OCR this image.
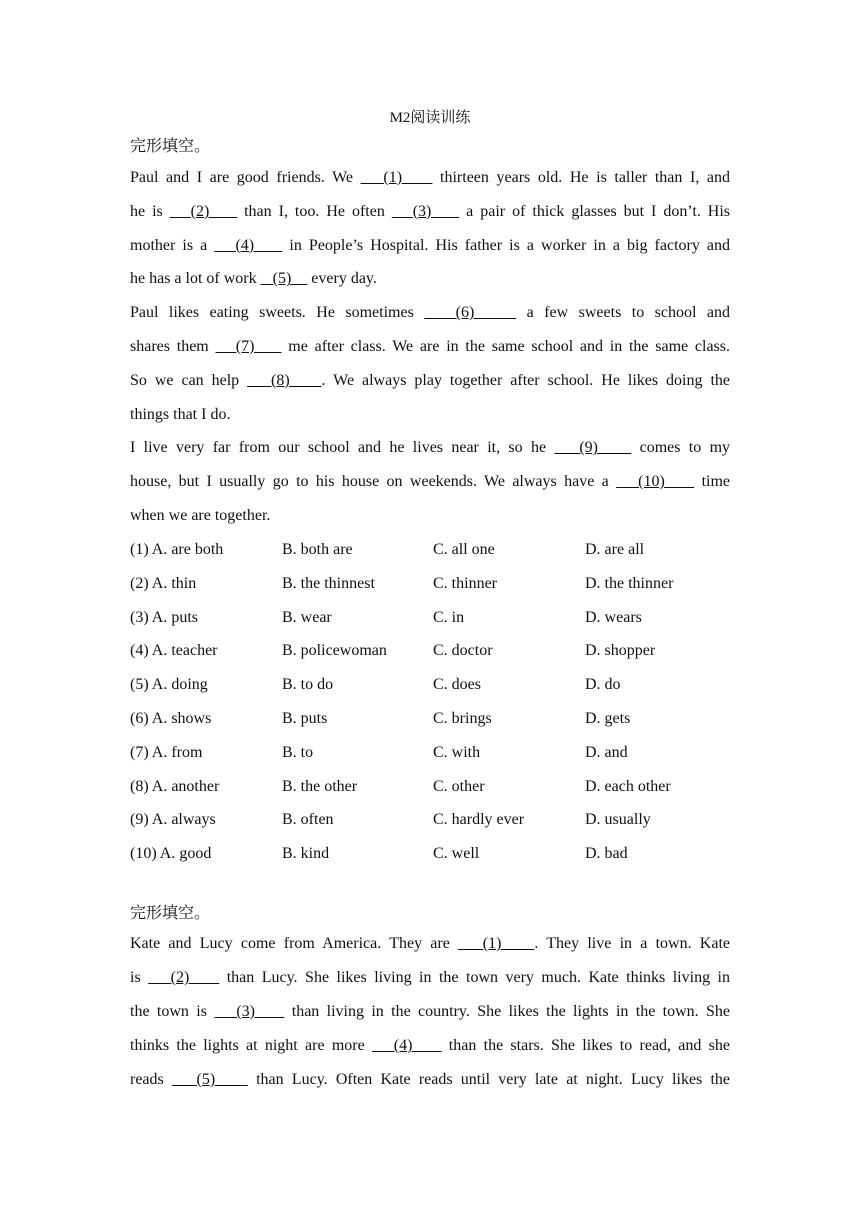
M2阅读训练
完形填空。
Paul and I are good friends. We    (1)     thirteen years old. He is taller than I, and
he is    (2)     than I, too. He often    (3)     a pair of thick glasses but I don’t. His
mother is a    (4)     in People’s Hospital. His father is a worker in a big factory and
he has a lot of work    (5)     every day.
Paul likes eating sweets. He sometimes    (6)     a few sweets to school and
shares them    (7)     me after class. We are in the same school and in the same class.
So we can help    (8)    . We always play together after school. He likes doing the
things that I do.
I live very far from our school and he lives near it, so he    (9)     comes to my
house, but I usually go to his house on weekends. We always have a    (10)     time
when we are together.
(1) A. are both	B. both are	C. all one	D. are all
(2) A. thin	B. the thinnest	C. thinner	D. the thinner
(3) A. puts	B. wear	C. in	D. wears
(4) A. teacher	B. policewoman	C. doctor	D. shopper
(5) A. doing	B. to do	C. does	D. do
(6) A. shows	B. puts	C. brings	D. gets
(7) A. from	B. to	C. with	D. and
(8) A. another	B. the other	C. other	D. each other
(9) A. always	B. often	C. hardly ever	D. usually
(10) A. good	B. kind	C. well	D. bad
完形填空。
Kate and Lucy come from America. They are    (1)    . They live in a town. Kate
is    (2)     than Lucy. She likes living in the town very much. Kate thinks living in
the town is    (3)     than living in the country. She likes the lights in the town. She
thinks the lights at night are more    (4)     than the stars. She likes to read, and she
reads    (5)     than Lucy. Often Kate reads until very late at night. Lucy likes the
